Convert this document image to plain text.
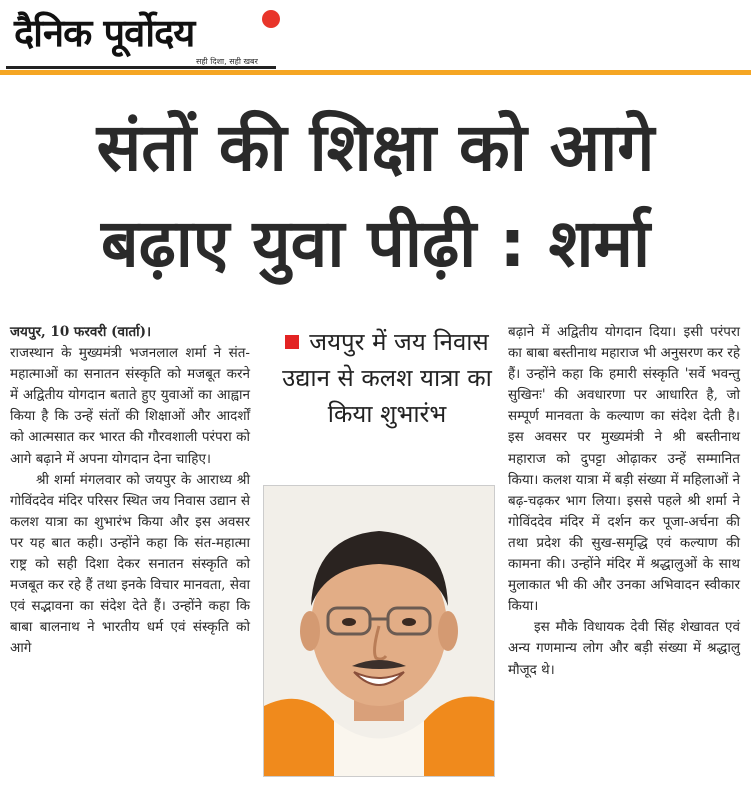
दैनिक पूर्वोदय
सही दिशा, सही खबर
संतों की शिक्षा को आगे
बढ़ाए युवा पीढ़ी : शर्मा

जयपुर, 10 फरवरी (वार्ता)।

राजस्थान के मुख्यमंत्री भजनलाल शर्मा ने संत-महात्माओं का सनातन संस्कृति को मजबूत करने में अद्वितीय योगदान बताते हुए युवाओं का आह्वान किया है कि उन्हें संतों की शिक्षाओं और आदर्शों को आत्मसात कर भारत की गौरवशाली परंपरा को आगे बढ़ाने में अपना योगदान देना चाहिए।

श्री शर्मा मंगलवार को जयपुर के आराध्य श्री गोविंददेव मंदिर परिसर स्थित जय निवास उद्यान से कलश यात्रा का शुभारंभ किया और इस अवसर पर यह बात कही। उन्होंने कहा कि संत-महात्मा राष्ट्र को सही दिशा देकर सनातन संस्कृति को मजबूत कर रहे हैं तथा इनके विचार मानवता, सेवा एवं सद्भावना का संदेश देते हैं। उन्होंने कहा कि बाबा बालनाथ ने भारतीय धर्म एवं संस्कृति को आगे

जयपुर में जय निवास उद्यान से कलश यात्रा का किया शुभारंभ

बढ़ाने में अद्वितीय योगदान दिया। इसी परंपरा का बाबा बस्तीनाथ महाराज भी अनुसरण कर रहे हैं। उन्होंने कहा कि हमारी संस्कृति 'सर्वे भवन्तु सुखिनः' की अवधारणा पर आधारित है, जो सम्पूर्ण मानवता के कल्याण का संदेश देती है। इस अवसर पर मुख्यमंत्री ने श्री बस्तीनाथ महाराज को दुपट्टा ओढ़ाकर उन्हें सम्मानित किया। कलश यात्रा में बड़ी संख्या में महिलाओं ने बढ़-चढ़कर भाग लिया। इससे पहले श्री शर्मा ने गोविंददेव मंदिर में दर्शन कर पूजा-अर्चना की तथा प्रदेश की सुख-समृद्धि एवं कल्याण की कामना की। उन्होंने मंदिर में श्रद्धालुओं के साथ मुलाकात भी की और उनका अभिवादन स्वीकार किया।

इस मौके विधायक देवी सिंह शेखावत एवं अन्य गणमान्य लोग और बड़ी संख्या में श्रद्धालु मौजूद थे।
